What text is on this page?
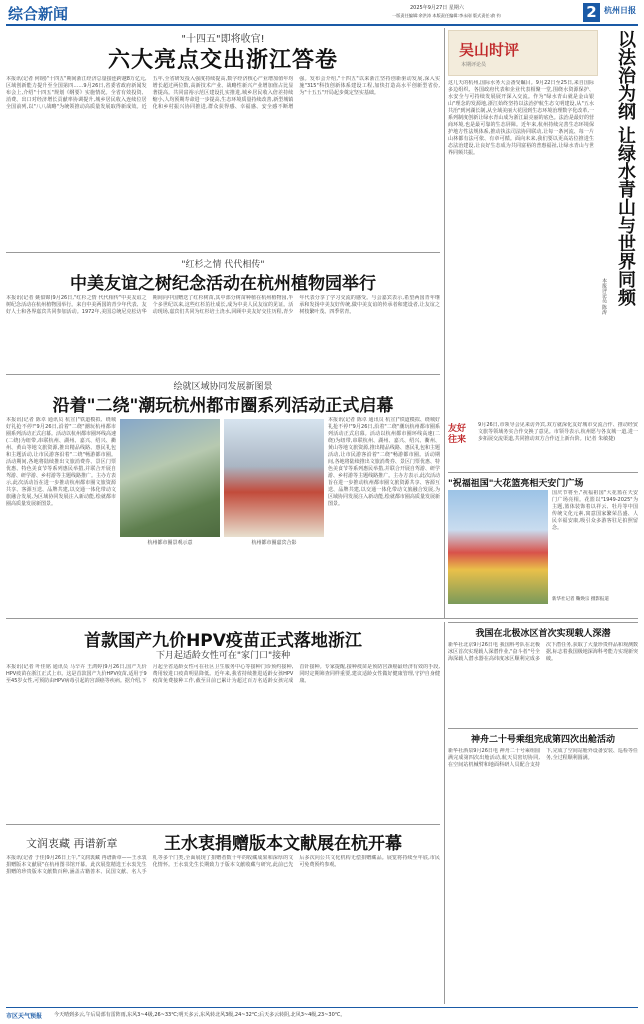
综合新闻	2025年9月27日 星期六
一版责任编辑:余洪涛 本版责任编辑:李永刚 版式责任:俞 钧	2 杭州日报
"十四五"即将收官!
六大亮点交出浙江答卷
本报讯(记者 何钢)"十四五"期间浙江经济总量接连跨越8万亿元,区域创新能力提升至全国第四……9月26日,省委省政府新闻发布会上,介绍"十四五"规划《纲要》实施情况。全省有效投资、消费、出口对经济增长贡献率协调提升,城乡居民收入连续位居全国前列,以"八八战略"为统领推动高质量发展取得新成效。近五年,全省研发投入强度持续提高,数字经济核心产业增加值年均增长超过两位数,高新技术产业、战略性新兴产业增加值占比显著提高。共同富裕示范区建设扎实推进,城乡居民收入倍差持续缩小,人均预期寿命进一步提高,生态环境质量持续改善,新型城镇化和乡村振兴协同推进,群众获得感、幸福感、安全感不断增强。发布会介绍,"十四五"以来浙江坚持创新驱动发展,深入实施"315"科技创新体系建设工程,加快打造高水平创新型省份,为"十五五"开局起步奠定坚实基础。
吴山时评
本期评论员	以法治为纲 让绿水青山与世界同频
本报评论员 陈涛
这几天的杭州,国际水务大会备受瞩目。9月22日至25日,来自国际多边组织、各国政府代表和企业代表相聚一堂,围绕水资源保护、水安全与可持续发展展开深入交流。作为"绿水青山就是金山银山"理念的发源地,浙江始终坚持以法治护航生态文明建设,从"五水共治"到河湖长制,从全域美丽大花园到生态环境治理数字化改革,一系列制度创新让绿水青山成为浙江最亮丽的底色。法治是最好的营商环境,也是最可靠的生态屏障。近年来,杭州持续完善生态环境保护地方性法规体系,推动执法司法协同联动,让每一条河流、每一片山林都有法可依、有章可循。面向未来,我们要以更高站位推进生态法治建设,让良好生态成为共同富裕的普惠福祉,让绿水青山与世界同频共振。
友好往来
9月26日,市领导会见来访外宾,双方就深化友好城市交流合作、推动经贸文旅等领域务实合作交换了意见。市领导表示,杭州愿与各友城一道,进一步拓展交流渠道,共同推动双方合作迈上新台阶。(记者 朱敏捷)
"祝福祖国"大花篮亮相天安门广场
国庆节将至,"祝福祖国"大花篮在天安门广场亮相。花篮以"1949-2025"为主题,篮体装饰着以祥云、牡丹等中国传统文化元素,寓意国家繁荣昌盛、人民幸福安康,吸引众多游客驻足拍照留念。
新华社记者 鞠焕宗 摄影报道
"红杉之情 代代相传"
中美友谊之树纪念活动在杭州植物园举行
本报讯(记者 姚似锦)9月26日,"红杉之情 代代相传"中美友谊之树纪念活动在杭州植物园举行。来自中美两国的青少年代表、友好人士和各界嘉宾共同参加活动。1972年,美国总统尼克松访华期间向中国赠送了红杉树苗,其中部分树苗种植在杭州植物园,半个多世纪以来,这些红杉茁壮成长,成为中美人民友谊的见证。活动现场,嘉宾们共同为红杉培土浇水,回顾中美友好交往历程,青少年代表分享了学习交流的感受。与会嘉宾表示,希望两国青年继承和发扬中美友好传统,做中美友谊的传承者和建设者,让友谊之树枝繁叶茂、四季常青。
绘就区域协同发展新图景
沿着"二绕"潮玩杭州都市圈系列活动正式启幕
本报讯(记者 陈卓 通讯员 杭宣)"铁道模拟、绕城好礼抢不停!"9月26日,沿着"二绕"潮玩杭州都市圈系列活动正式启幕。活动以杭州都市圈环线高速(二绕)为纽带,串联杭州、湖州、嘉兴、绍兴、衢州、黄山等地文旅资源,推出精品线路、惠民礼包和主题活动,让市民游客沿着"二绕"畅游都市圈。活动期间,各地将陆续推出文旅消费券、景区门票优惠、特色美食节等系列惠民举措,并联合开展自驾游、研学游、乡村游等主题线路推广。主办方表示,此次活动旨在进一步推动杭州都市圈文旅资源共享、客源互送、品牌共建,以交通一体化带动文旅融合发展,为区域协同发展注入新动能,绘就都市圈高质量发展新图景。
杭州都市圈景观示意	杭州都市圈嘉宾合影
本报讯(记者 陈卓 通讯员 杭宣)"铁道模拟、绕城好礼抢不停!"9月26日,沿着"二绕"潮玩杭州都市圈系列活动正式启幕。活动以杭州都市圈环线高速(二绕)为纽带,串联杭州、湖州、嘉兴、绍兴、衢州、黄山等地文旅资源,推出精品线路、惠民礼包和主题活动,让市民游客沿着"二绕"畅游都市圈。活动期间,各地将陆续推出文旅消费券、景区门票优惠、特色美食节等系列惠民举措,并联合开展自驾游、研学游、乡村游等主题线路推广。主办方表示,此次活动旨在进一步推动杭州都市圈文旅资源共享、客源互送、品牌共建,以交通一体化带动文旅融合发展,为区域协同发展注入新动能,绘就都市圈高质量发展新图景。
首款国产九价HPV疫苗正式落地浙江
下月起适龄女性可在"家门口"接种
本报讯(记者 叶佳铭 通讯员 马辛卉 王鸿婷)9月26日,国产九价HPV疫苗在浙江正式上市。这是首款国产九价HPV疫苗,适用于9至45岁女性,可预防由HPV病毒引起的宫颈癌等疾病。据介绍,下月起全省适龄女性可在社区卫生服务中心等接种门诊预约接种,费用较进口疫苗明显降低。近年来,我省持续推进适龄女孩HPV疫苗免费接种工作,截至目前已累计为超过百万名适龄女孩完成首针接种。专家提醒,接种疫苗是预防宫颈癌最经济有效的手段,同时定期筛查同样重要,建议适龄女性做好健康管理,守护自身健康。
我国在北极冰区首次实现载人深潜
新华社北京9月26日电 我国科考队在北极冰区首次实现载人深潜作业,"奋斗者"号全海深载人潜水器在高纬度冰区顺利完成多次下潜任务,获取了大量珍贵样品和观测数据,标志着我国极地深海科考能力实现新突破。
神舟二十号乘组完成第四次出舱活动
新华社酒泉9月26日电 神舟二十号乘组圆满完成第四次出舱活动,航天员密切协同,在空间站机械臂和地面科研人员配合支持下,完成了空间站舱外设备安装、巡检等任务,全过程顺利圆满。
文润衷藏 再谱新章	王水衷捐赠版本文献展在杭开幕
本报讯(记者 于佳)9月26日上午,"文润衷藏 再谱新章——王水衷捐赠版本文献展"在杭州图书馆开幕。此次展览精选王水衷先生捐赠的珍贵版本文献数百种,涵盖古籍善本、民国文献、名人手札等多个门类,全面展现了捐赠者数十年的收藏成果和深厚的文化情怀。王水衷先生长期致力于版本文献收藏与研究,此前已先后多次向公共文化机构无偿捐赠藏品。展览将持续至年底,市民可免费预约参观。
市区天气预报 今天晴到多云,午后局部有雷阵雨,东风3~4级,26~33℃;明天多云,东风转北风3级,24~32℃;后天多云转阴,北风3~4级,23~30℃。
